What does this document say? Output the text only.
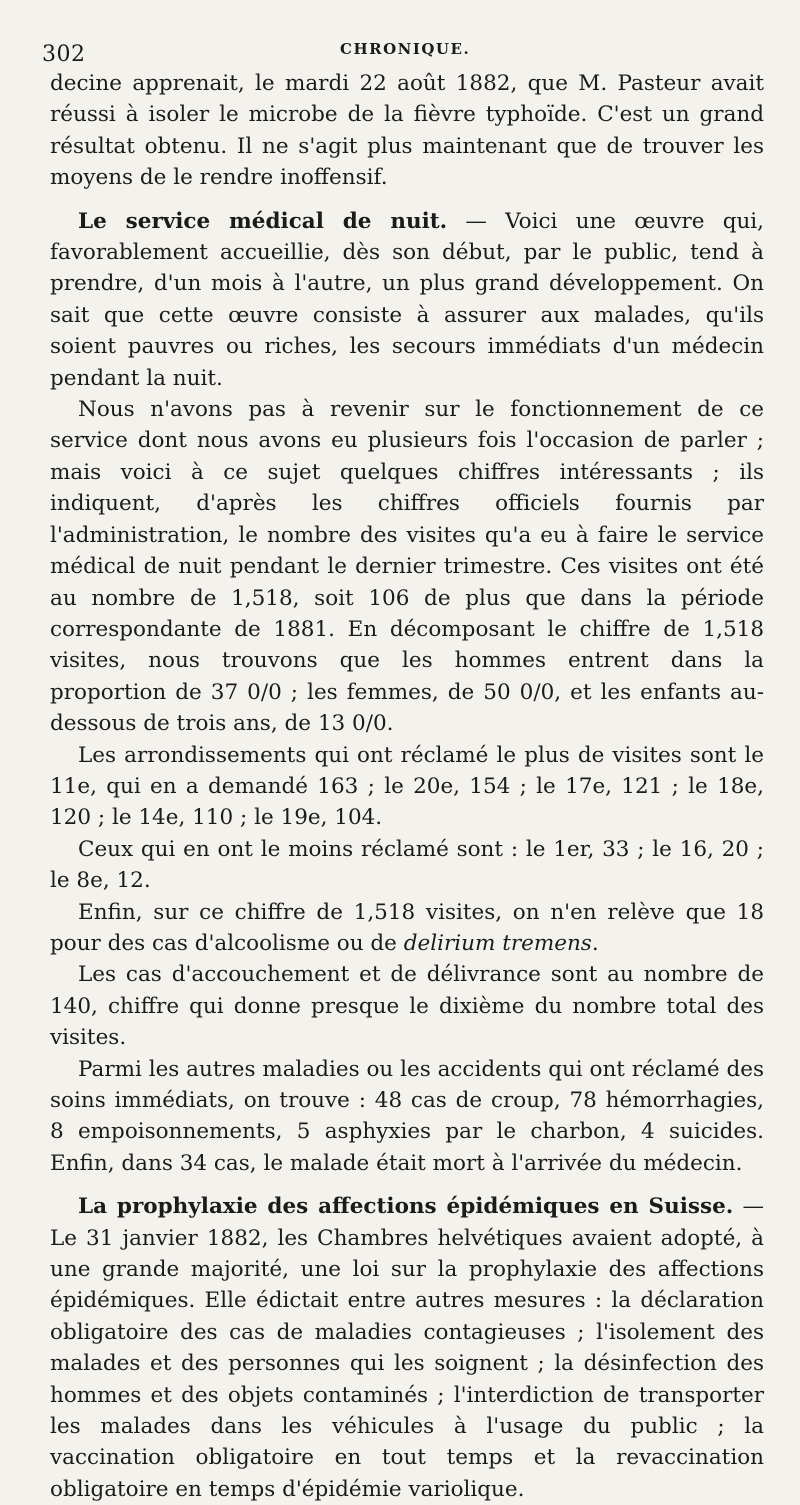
302	CHRONIQUE.

decine apprenait, le mardi 22 août 1882, que M. Pasteur avait réussi à isoler le microbe de la fièvre typhoïde. C'est un grand résultat obtenu. Il ne s'agit plus maintenant que de trouver les moyens de le rendre inoffensif.

Le service médical de nuit. — Voici une œuvre qui, favorablement accueillie, dès son début, par le public, tend à prendre, d'un mois à l'autre, un plus grand développement. On sait que cette œuvre consiste à assurer aux malades, qu'ils soient pauvres ou riches, les secours immédiats d'un médecin pendant la nuit.

Nous n'avons pas à revenir sur le fonctionnement de ce service dont nous avons eu plusieurs fois l'occasion de parler ; mais voici à ce sujet quelques chiffres intéressants ; ils indiquent, d'après les chiffres officiels fournis par l'administration, le nombre des visites qu'a eu à faire le service médical de nuit pendant le dernier trimestre. Ces visites ont été au nombre de 1,518, soit 106 de plus que dans la période correspondante de 1881. En décomposant le chiffre de 1,518 visites, nous trouvons que les hommes entrent dans la proportion de 37 0/0 ; les femmes, de 50 0/0, et les enfants au-dessous de trois ans, de 13 0/0.

Les arrondissements qui ont réclamé le plus de visites sont le 11e, qui en a demandé 163 ; le 20e, 154 ; le 17e, 121 ; le 18e, 120 ; le 14e, 110 ; le 19e, 104.

Ceux qui en ont le moins réclamé sont : le 1er, 33 ; le 16, 20 ; le 8e, 12.

Enfin, sur ce chiffre de 1,518 visites, on n'en relève que 18 pour des cas d'alcoolisme ou de delirium tremens.

Les cas d'accouchement et de délivrance sont au nombre de 140, chiffre qui donne presque le dixième du nombre total des visites.

Parmi les autres maladies ou les accidents qui ont réclamé des soins immédiats, on trouve : 48 cas de croup, 78 hémorrhagies, 8 empoisonnements, 5 asphyxies par le charbon, 4 suicides. Enfin, dans 34 cas, le malade était mort à l'arrivée du médecin.

La prophylaxie des affections épidémiques en Suisse. — Le 31 janvier 1882, les Chambres helvétiques avaient adopté, à une grande majorité, une loi sur la prophylaxie des affections épidémiques. Elle édictait entre autres mesures : la déclaration obligatoire des cas de maladies contagieuses ; l'isolement des malades et des personnes qui les soignent ; la désinfection des hommes et des objets contaminés ; l'interdiction de transporter les malades dans les véhicules à l'usage du public ; la vaccination obligatoire en tout temps et la revaccination obligatoire en temps d'épidémie variolique.
